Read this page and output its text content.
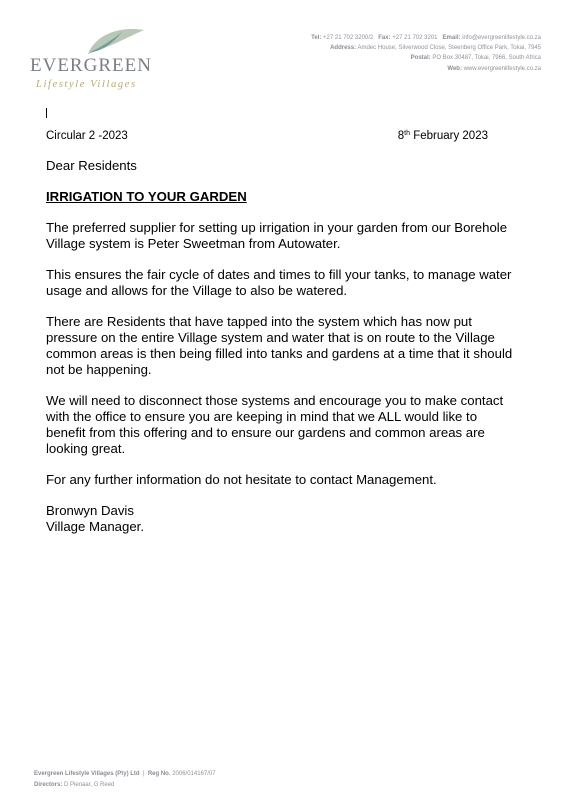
EVERGREEN
Lifestyle Villages
Tel: +27 21 702 3200/2 Fax: +27 21 702 3201 Email: info@evergreenlifestyle.co.za
Address: Amdec House, Silverwood Close, Steenberg Office Park, Tokai, 7945
Postal: PO Box 30487, Tokai, 7966, South Africa
Web: www.evergreenlifestyle.co.za
Circular 2 -2023	8th February 2023

Dear Residents

IRRIGATION TO YOUR GARDEN

The preferred supplier for setting up irrigation in your garden from our Borehole Village system is Peter Sweetman from Autowater.

This ensures the fair cycle of dates and times to fill your tanks, to manage water usage and allows for the Village to also be watered.

There are Residents that have tapped into the system which has now put pressure on the entire Village system and water that is on route to the Village common areas is then being filled into tanks and gardens at a time that it should not be happening.

We will need to disconnect those systems and encourage you to make contact with the office to ensure you are keeping in mind that we ALL would like to benefit from this offering and to ensure our gardens and common areas are looking great.

For any further information do not hesitate to contact Management.

Bronwyn Davis

Village Manager.

Evergreen Lifestyle Villages (Pty) Ltd | Reg No. 2006/014167/07
Directors: D Pienaar, G Reed
